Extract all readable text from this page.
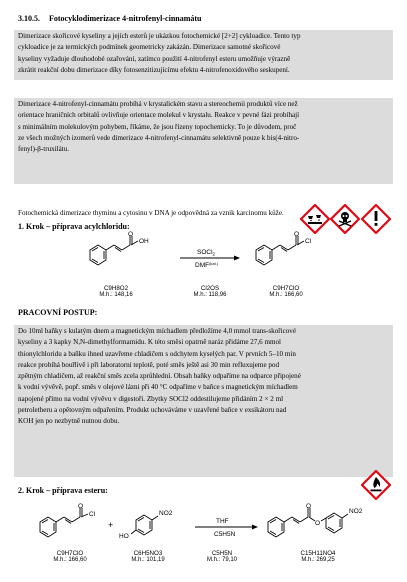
3.10.5. Fotocyklodimerizace 4-nitrofenyl-cinnamátu
Dimerizace skořicové kyseliny a jejích esterů je ukázkou fotochemické [2+2] cykloadice. Tento typ
cykloadice je za termických podmínek geometricky zakázán. Dimerizace samotné skořicové
kyseliny vyžaduje dlouhodobé ozařování, zatímco použití 4-nitrofenyl esteru umožňuje výrazně
zkrátit reakční dobu dimerizace díky fotosenzitizujícímu efektu 4-nitrofenoxidového seskupení.
Dimerizace 4-nitrofenyl-cinnamátu probíhá v krystalickém stavu a stereochemii produktů více než
orientace hraničních orbitalů ovlivňuje orientace molekul v krystalu. Reakce v pevné fázi probíhají
s minimálním molekulovým pohybem, říkáme, že jsou řízeny topochemicky. To je důvodem, proč
ze všech možných izomerů vede dimerizace 4-nitrofenyl-cinnamátu selektivně pouze k bis(4-nitro-
fenyl)-β-truxilátu.
Fotochemická dimerizace thyminu a cytosinu v DNA je odpovědná za vznik karcinomu kůže.
1. Krok – příprava acylchloridu:
O
OH
SOCl$_2$
$DMF^{(kat.)}$
O
Cl
C9H8O2
M.h.: 148,16
Cl2OS
M.h.: 118,96
C9H7ClO
M.h.: 166,60
PRACOVNÍ POSTUP:
Do 10ml baňky s kulatým dnem a magnetickým míchadlem předložíme 4,0 mmol trans-skořicové
kyseliny a 3 kapky N,N-dimethylformamidu. K této směsi opatrně naráz přidáme 27,6 mmol
thionylchloridu a baňku ihned uzavřeme chladičem s odchytem kyselých par. V prvních 5–10 min
reakce probíhá bouřlivě i při laboratorní teplotě, poté směs ještě asi 30 min refluxujeme pod
zpětným chladičem, až reakční směs zcela zprůhlední. Obsah baňky odpaříme na odparce připojené
k vodní vývěvě, popř. směs v olejové lázni při 40 °C odpaříme v baňce s magnetickým míchadlem
napojené přímo na vodní vývěvu v digestoři. Zbytky SOCl2 oddestilujeme přidáním 2 × 2 ml
petroletheru a opětovným odpařením. Produkt uchováváme v uzavřené baňce v exsikátoru nad
KOH jen po nezbytně nutnou dobu.
2. Krok – příprava esteru:
O
Cl
+
HO
NO2
THF
C5H5N
O
O
NO2
C9H7ClO
M.h.: 166,60
C6H5NO3
M.h.: 101,19
C5H5N
M.h.: 79,10
C15H11NO4
M.h.: 269,25
